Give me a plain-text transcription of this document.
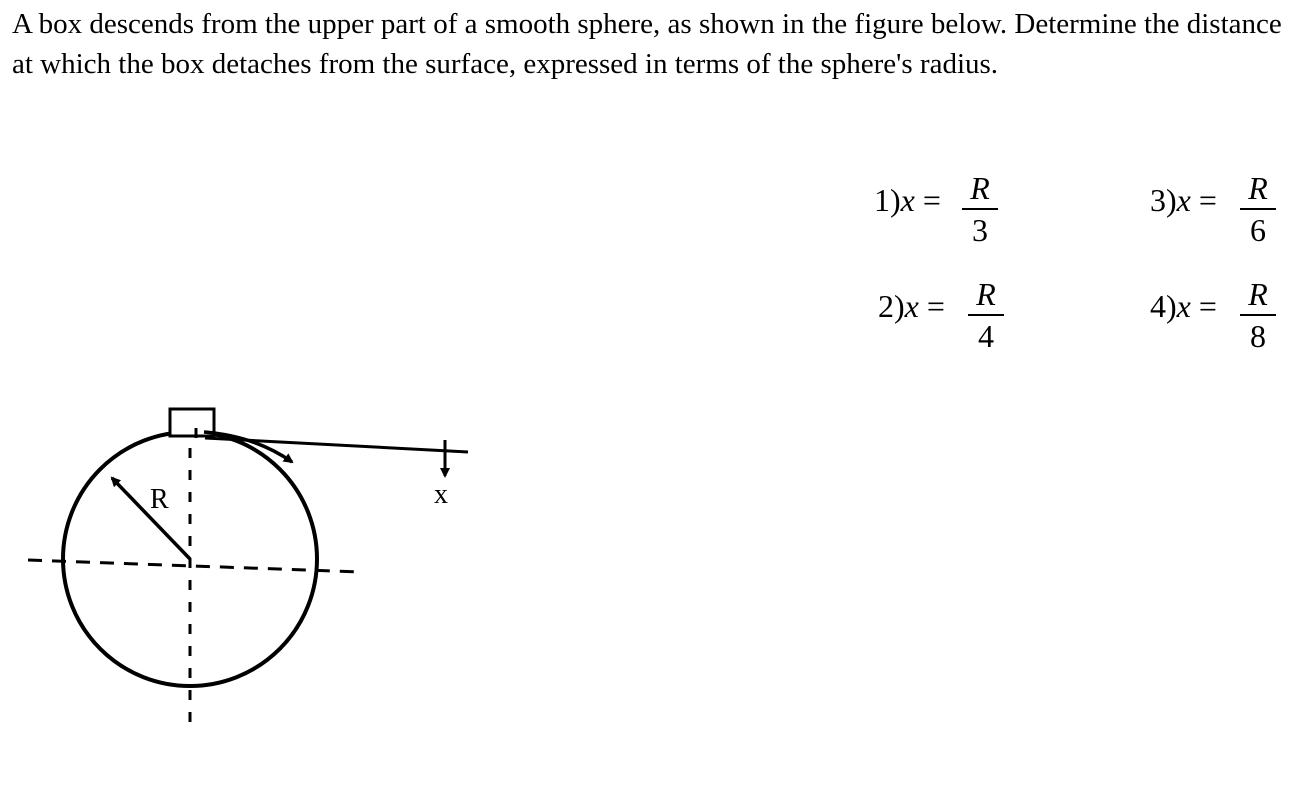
A box descends from the upper part of a smooth sphere, as shown in the figure below. Determine the distance at which the box detaches from the surface, expressed in terms of the sphere's radius.

1)x = R
3
2)x = R
4
3)x = R
6
4)x = R
8
R	x
